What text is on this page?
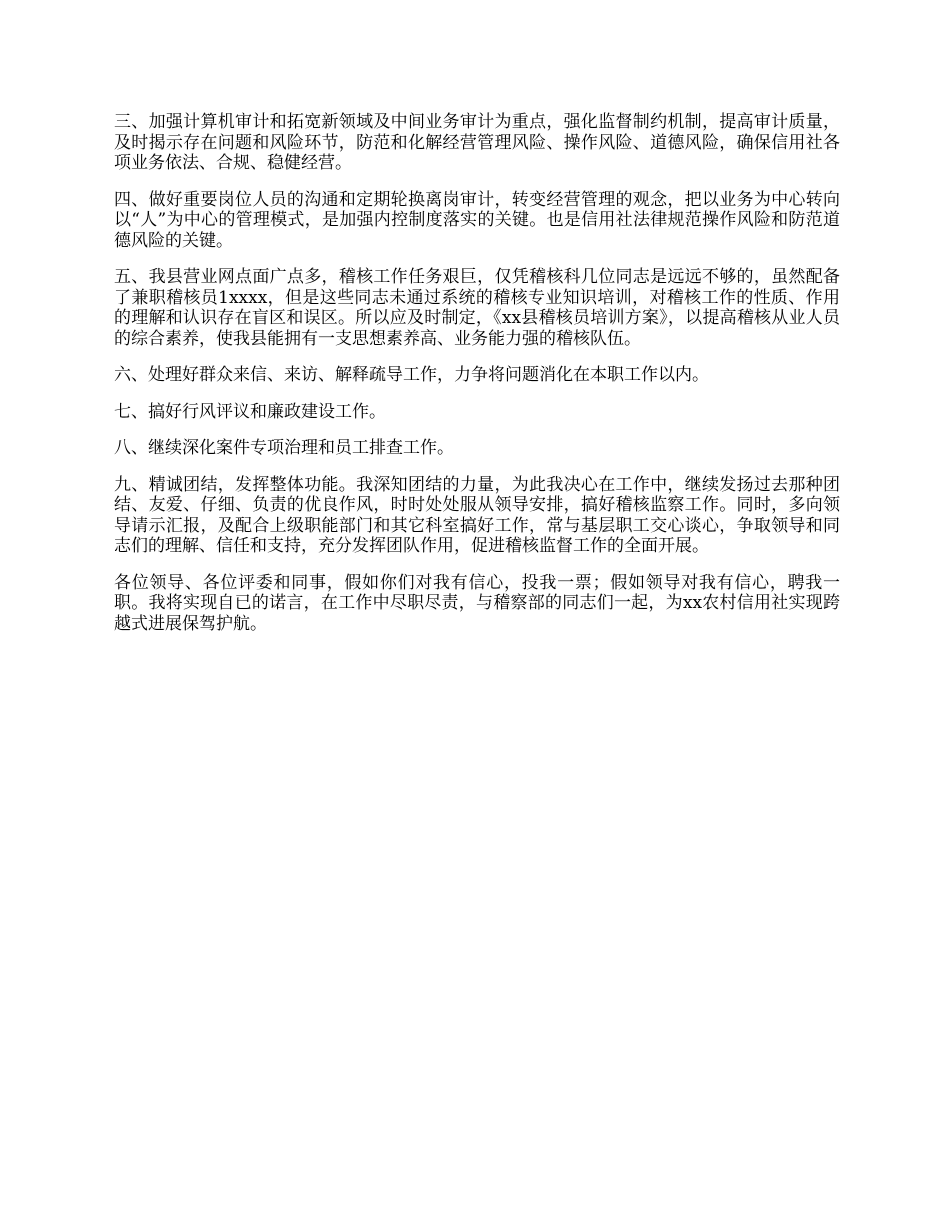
三、加强计算机审计和拓宽新领域及中间业务审计为重点，强化监督制约机制，提高审计质量，及时揭示存在问题和风险环节，防范和化解经营管理风险、操作风险、道德风险，确保信用社各项业务依法、合规、稳健经营。

四、做好重要岗位人员的沟通和定期轮换离岗审计，转变经营管理的观念，把以业务为中心转向以“人”为中心的管理模式，是加强内控制度落实的关键。也是信用社法律规范操作风险和防范道德风险的关键。

五、我县营业网点面广点多，稽核工作任务艰巨，仅凭稽核科几位同志是远远不够的，虽然配备了兼职稽核员1xxxx，但是这些同志未通过系统的稽核专业知识培训，对稽核工作的性质、作用的理解和认识存在盲区和误区。所以应及时制定，《xx县稽核员培训方案》，以提高稽核从业人员的综合素养，使我县能拥有一支思想素养高、业务能力强的稽核队伍。

六、处理好群众来信、来访、解释疏导工作，力争将问题消化在本职工作以内。

七、搞好行风评议和廉政建设工作。

八、继续深化案件专项治理和员工排查工作。

九、精诚团结，发挥整体功能。我深知团结的力量，为此我决心在工作中，继续发扬过去那种团结、友爱、仔细、负责的优良作风，时时处处服从领导安排，搞好稽核监察工作。同时，多向领导请示汇报，及配合上级职能部门和其它科室搞好工作，常与基层职工交心谈心，争取领导和同志们的理解、信任和支持，充分发挥团队作用，促进稽核监督工作的全面开展。

各位领导、各位评委和同事，假如你们对我有信心，投我一票；假如领导对我有信心，聘我一职。我将实现自已的诺言，在工作中尽职尽责，与稽察部的同志们一起，为xx农村信用社实现跨越式进展保驾护航。
